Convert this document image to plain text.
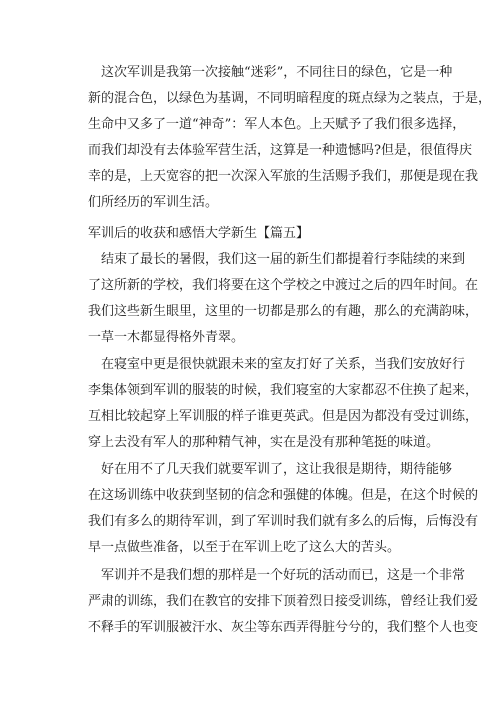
这次军训是我第一次接触“迷彩”，不同往日的绿色，它是一种
新的混合色，以绿色为基调，不同明暗程度的斑点绿为之装点，于是，
生命中又多了一道“神奇”：军人本色。上天赋予了我们很多选择，
而我们却没有去体验军营生活，这算是一种遗憾吗?但是，很值得庆
幸的是，上天宽容的把一次深入军旅的生活赐予我们，那便是现在我
们所经历的军训生活。
军训后的收获和感悟大学新生【篇五】
结束了最长的暑假，我们这一届的新生们都提着行李陆续的来到
了这所新的学校，我们将要在这个学校之中渡过之后的四年时间。在
我们这些新生眼里，这里的一切都是那么的有趣，那么的充满韵味，
一草一木都显得格外青翠。
在寝室中更是很快就跟未来的室友打好了关系，当我们安放好行
李集体领到军训的服装的时候，我们寝室的大家都忍不住换了起来，
互相比较起穿上军训服的样子谁更英武。但是因为都没有受过训练，
穿上去没有军人的那种精气神，实在是没有那种笔挺的味道。
好在用不了几天我们就要军训了，这让我很是期待，期待能够
在这场训练中收获到坚韧的信念和强健的体魄。但是，在这个时候的
我们有多么的期待军训，到了军训时我们就有多么的后悔，后悔没有
早一点做些准备，以至于在军训上吃了这么大的苦头。
军训并不是我们想的那样是一个好玩的活动而已，这是一个非常
严肃的训练，我们在教官的安排下顶着烈日接受训练，曾经让我们爱
不释手的军训服被汗水、灰尘等东西弄得脏兮兮的，我们整个人也变
